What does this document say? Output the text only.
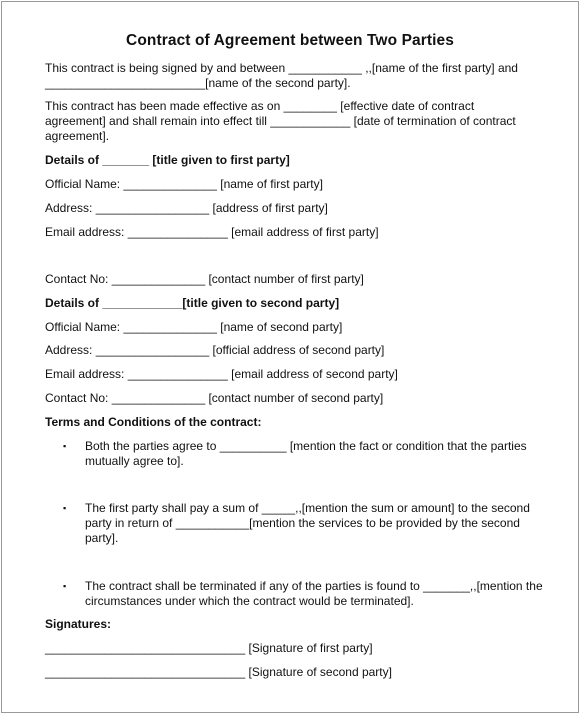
Contract of Agreement between Two Parties
This contract is being signed by and between ___________ ,,[name of the first party] and
________________________[name of the second party].
This contract has been made effective as on ________ [effective date of contract
agreement] and shall remain into effect till ____________ [date of termination of contract
agreement].
Details of _______ [title given to first party]
Official Name: ______________ [name of first party]
Address: _________________ [address of first party]
Email address: _______________ [email address of first party]
Contact No: ______________ [contact number of first party]
Details of ____________[title given to second party]
Official Name: ______________ [name of second party]
Address: _________________ [official address of second party]
Email address: _______________ [email address of second party]
Contact No: ______________ [contact number of second party]
Terms and Conditions of the contract:
▪ Both the parties agree to __________ [mention the fact or condition that the parties
mutually agree to].
▪ The first party shall pay a sum of _____,,[mention the sum or amount] to the second
party in return of ___________[mention the services to be provided by the second
party].
▪ The contract shall be terminated if any of the parties is found to _______,,[mention the
circumstances under which the contract would be terminated].
Signatures:
______________________________ [Signature of first party]
______________________________ [Signature of second party]
